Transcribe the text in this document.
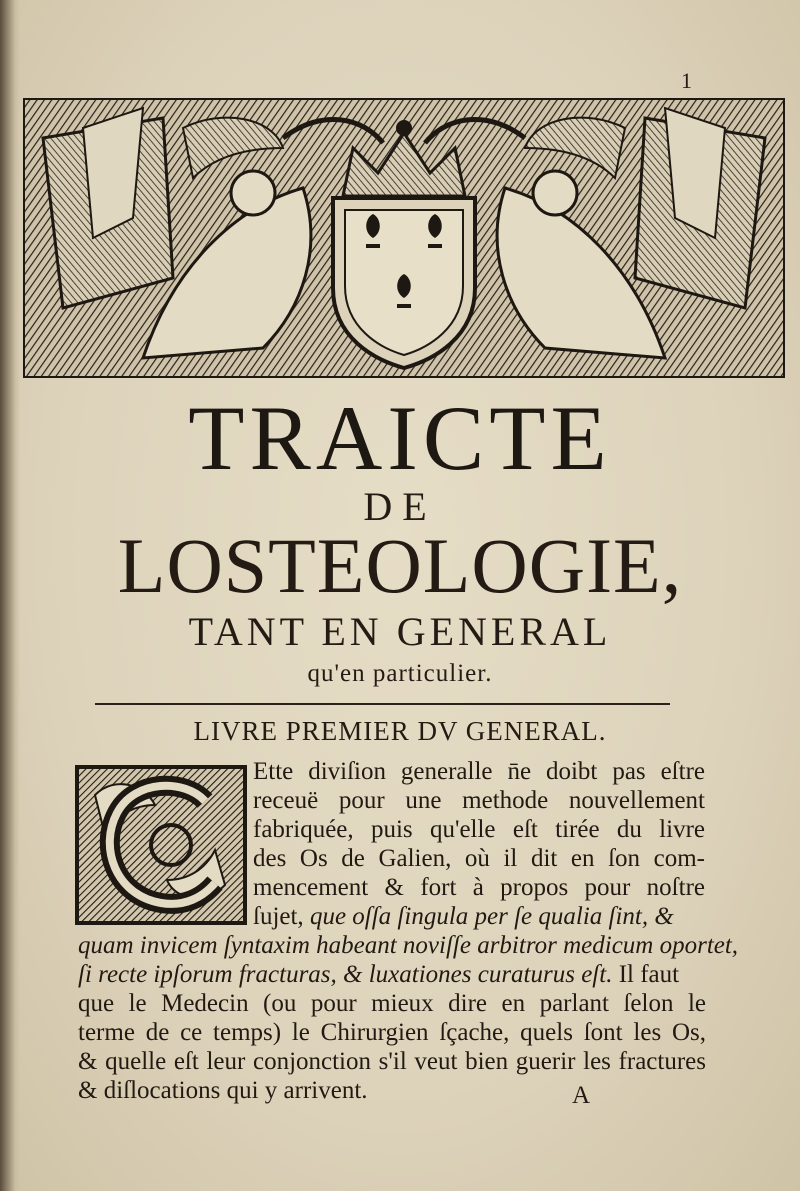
1
TRAICTE
DE
LOSTEOLOGIE,
TANT EN GENERAL
qu'en particulier.
LIVRE PREMIER DV GENERAL.
Ette diviſion generalle n̄e doibt pas eſtre
receuë pour une methode nouvellement
fabriquée, puis qu'elle eſt tirée du livre
des Os de Galien, où il dit en ſon com-
mencement & fort à propos pour noſtre
ſujet, que oſſa ſingula per ſe qualia ſint, &
quam invicem ſyntaxim habeant noviſſe arbitror medicum oportet,
ſi recte ipſorum fracturas, & luxationes curaturus eſt. Il faut
que le Medecin (ou pour mieux dire en parlant ſelon le
terme de ce temps) le Chirurgien ſçache, quels ſont les Os,
& quelle eſt leur conjonction s'il veut bien guerir les fractures
& diſlocations qui y arrivent.	A
